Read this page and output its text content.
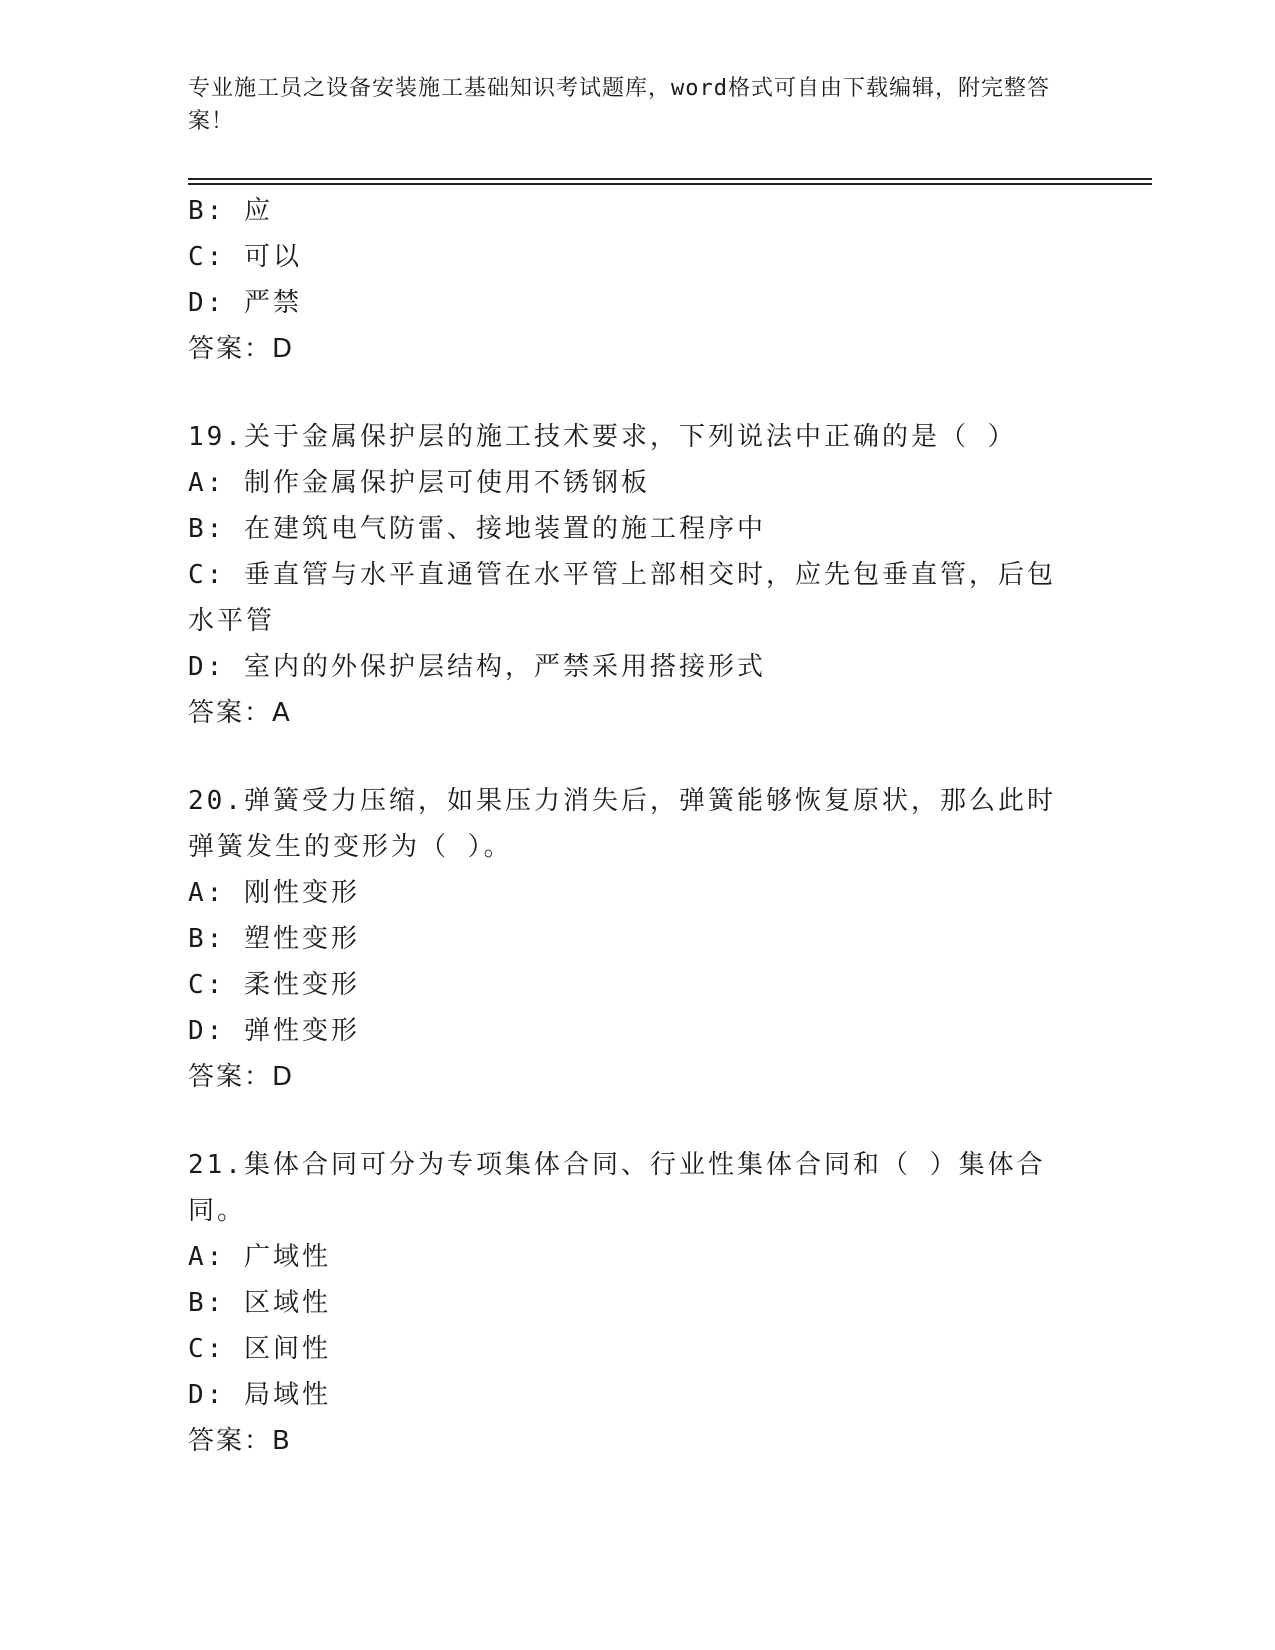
专业施工员之设备安装施工基础知识考试题库，word格式可自由下载编辑，附完整答案！
B: 应
C: 可以
D: 严禁
答案：D
19.关于金属保护层的施工技术要求，下列说法中正确的是（ ）
A: 制作金属保护层可使用不锈钢板
B: 在建筑电气防雷、接地装置的施工程序中
C: 垂直管与水平直通管在水平管上部相交时，应先包垂直管，后包水平管
D: 室内的外保护层结构，严禁采用搭接形式
答案：A
20.弹簧受力压缩，如果压力消失后，弹簧能够恢复原状，那么此时弹簧发生的变形为（ ）。
A: 刚性变形
B: 塑性变形
C: 柔性变形
D: 弹性变形
答案：D
21.集体合同可分为专项集体合同、行业性集体合同和（ ）集体合同。
A: 广域性
B: 区域性
C: 区间性
D: 局域性
答案：B
